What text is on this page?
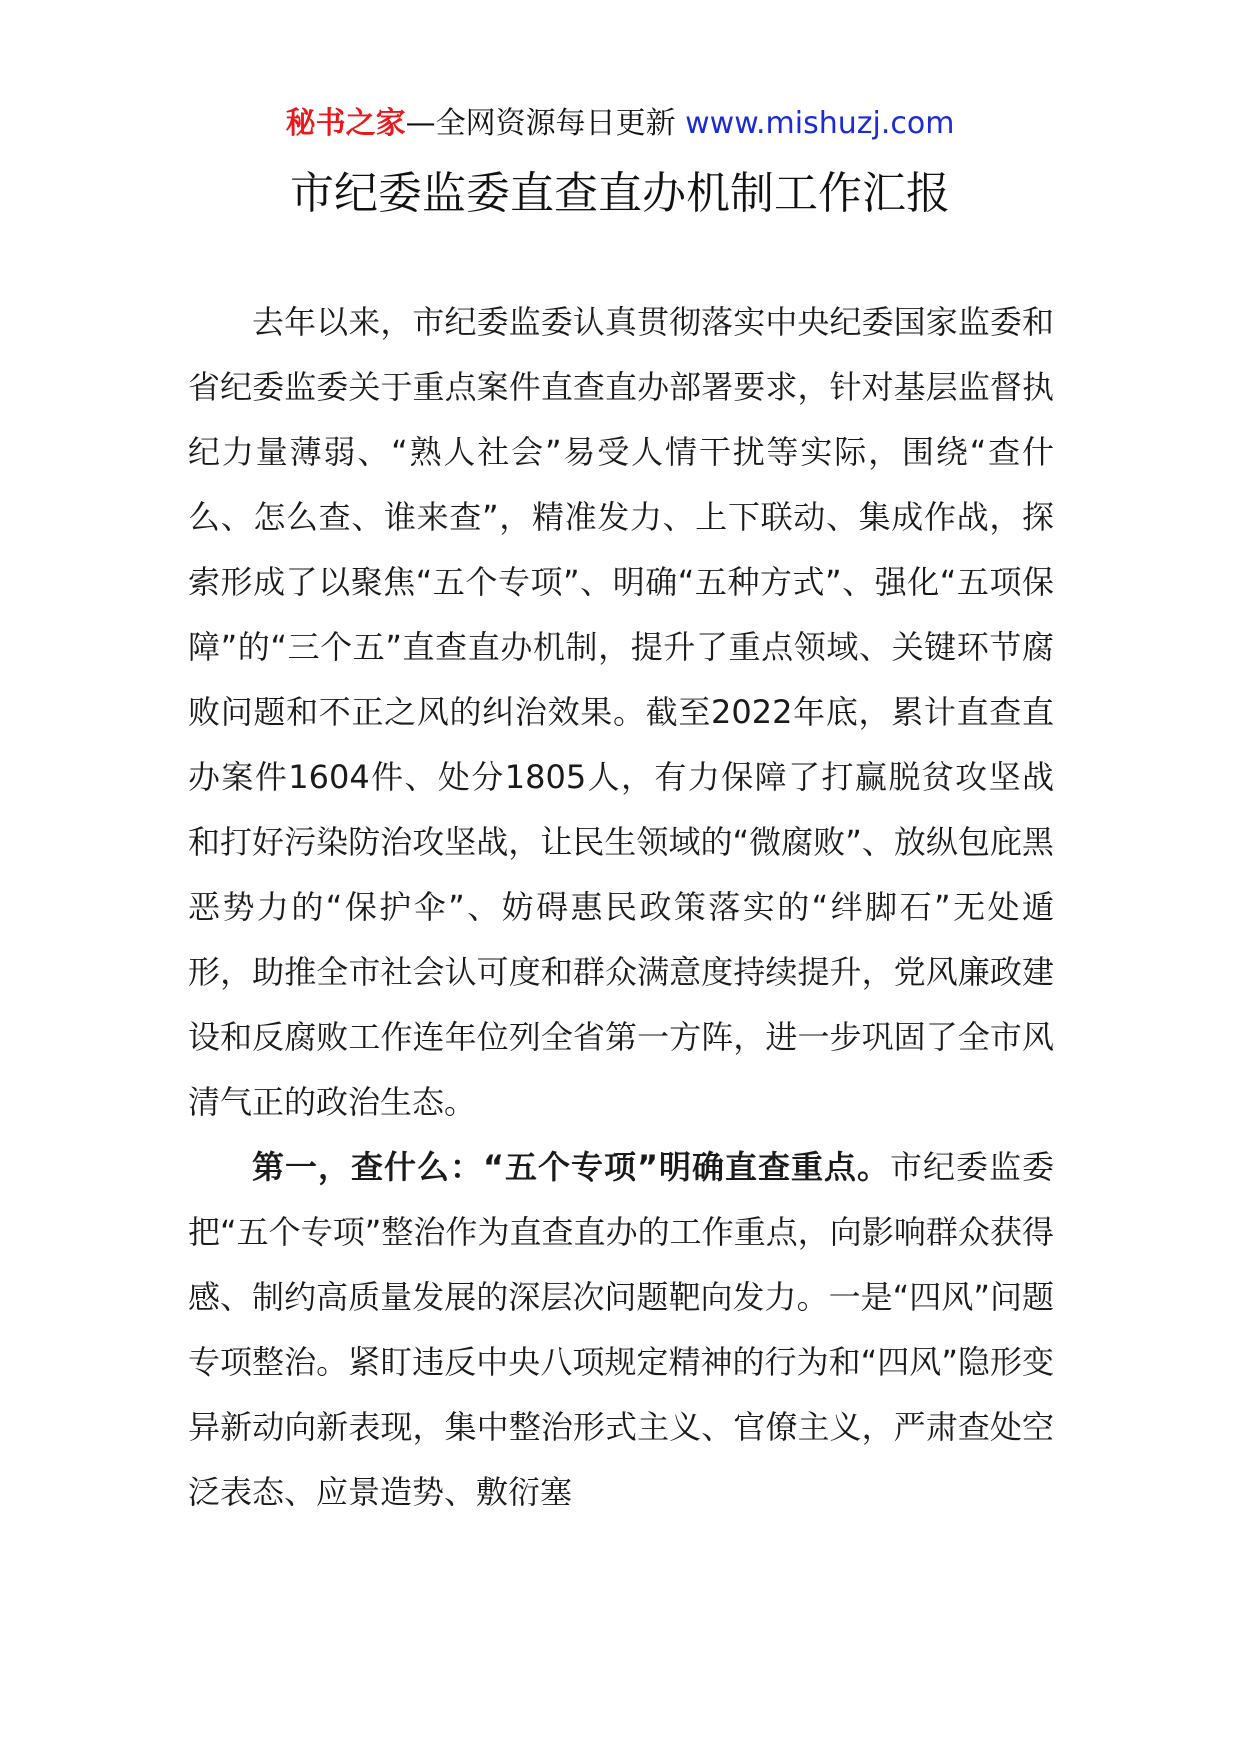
秘书之家—全网资源每日更新 www.mishuzj.com
市纪委监委直查直办机制工作汇报

去年以来，市纪委监委认真贯彻落实中央纪委国家监委和省纪委监委关于重点案件直查直办部署要求，针对基层监督执纪力量薄弱、“熟人社会”易受人情干扰等实际，围绕“查什么、怎么查、谁来查”，精准发力、上下联动、集成作战，探索形成了以聚焦“五个专项”、明确“五种方式”、强化“五项保障”的“三个五”直查直办机制，提升了重点领域、关键环节腐败问题和不正之风的纠治效果。截至2022年底，累计直查直办案件1604件、处分1805人，有力保障了打赢脱贫攻坚战和打好污染防治攻坚战，让民生领域的“微腐败”、放纵包庇黑恶势力的“保护伞”、妨碍惠民政策落实的“绊脚石”无处遁形，助推全市社会认可度和群众满意度持续提升，党风廉政建设和反腐败工作连年位列全省第一方阵，进一步巩固了全市风清气正的政治生态。

第一，查什么：“五个专项”明确直查重点。市纪委监委把“五个专项”整治作为直查直办的工作重点，向影响群众获得感、制约高质量发展的深层次问题靶向发力。一是“四风”问题专项整治。紧盯违反中央八项规定精神的行为和“四风”隐形变异新动向新表现，集中整治形式主义、官僚主义，严肃查处空泛表态、应景造势、敷衍塞
